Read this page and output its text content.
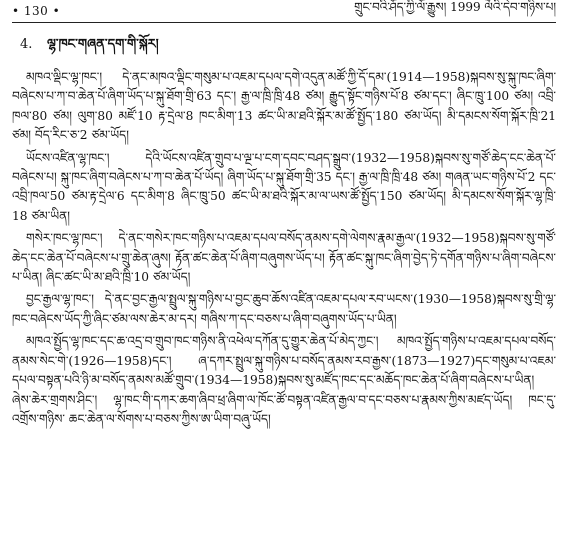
• 130 •	གྲུང་བའི་ཤོད་ཀྱི་ལོ་རྒྱུས། 1999 ལོའི་དེབ་གཉིས་པ།
4. ལྷ་ཁང་གཞན་དག་གི་སྐོར།

མཁའ་ལྡིང་ལྷ་ཁང་། དེ་ནང་མཁའ་ལྡིང་གསུམ་པ་འཇམ་དཔལ་དགེ་འདུན་མཚོ་ཀྱི་དོ་དམ་(1914—1958)སྐབས་སུ་སྐུ་ཁང་ཞིག་བཞེངས་པ་ཀ་བ་ཆེན་པོ་ཞིག་ཡོད་པ་སྐུ་ཐོག་གྲི་63 དང་། རྒྱ་ལ་ཁྲི་ཁྲི་48 ཙམ། རྒྱུད་སྟོང་གཉིས་པོ་8 ཙམ་དང་། ཞིང་ཁྲུ་100 ཙམ། འབྲི་ཁལ་80 ཙམ། ལུག་80 མཛོ་10 རྟ་དྲེལ་8 ཁང་མིག་13 ཚང་ཡི་མ་ཐའི་སྐོར་མ་ཚོ་སྤྱོད་180 ཙམ་ཡོད། མི་དམངས་སོག་སྐོར་ཁྲི་21 ཙམ། བོད་རིང་ཅ་2 ཙམ་ཡོད།

ཡོངས་འཛིན་ལྷ་ཁང་། དེའི་ཡོངས་འཛིན་གྲུབ་པ་ལྔ་པ་ངག་དབང་བཤད་སྒྲུབ་(1932—1958)སྐབས་སུ་གཙོ་ཆེད་ངང་ཆེན་པོ་བཞེངས་པ། སྐུ་ཁང་ཞིག་བཞེངས་པ་ཀ་བ་ཆེན་པོ་ཡོད། ཞིག་ཡོད་པ་སྐུ་ཐོག་གྲི་35 དང་། རྒྱ་ལ་ཁྲི་ཁྲི་48 ཙམ། གཞན་ཡང་གཉིས་པོ་2 དང་འབྲི་ཁལ་50 ཙམ་རྟ་དྲེལ་6 དང་མིག་8 ཞིང་ཁྲུ་50 ཚང་ཡི་མ་ཐའི་སྐོར་མ་ལ་ཡས་ཚོ་སྤྱོད་150 ཙམ་ཡོད། མི་དམངས་སོག་སྐོར་ལྷ་ཁྲི་18 ཙམ་ཡིན།

གསེར་ཁང་ལྷ་ཁང་། དེ་ནང་གསེར་ཁང་གཉིས་པ་འཇམ་དཔལ་བསོད་ནམས་དགེ་ལེགས་རྣམ་རྒྱལ་(1932—1958)སྐབས་སུ་གཙོ་ཆེད་ངང་ཆེན་པོ་བཞེངས་པ་གྲུ་ཆེན་ཞུས། རྟོན་ཚང་ཆེན་པོ་ཞིག་བཞུགས་ཡོད་པ། རྟོན་ཚང་སྐུ་ཁང་ཞིག་བྱེད་ཏེ་དགོན་གཉིས་པ་ཞིག་བཞེངས་པ་ཡིན། ཞིང་ཚང་ཡི་མ་ཐའི་ཁྲི་10 ཙམ་ཡོད།

བྱང་རྒྱལ་ལྷ་ཁང་། དེ་ནང་བྱང་རྒྱལ་སྤྲུལ་སྐུ་གཉིས་པ་བྱང་ཆུབ་ཆོས་འཛིན་འཇམ་དཔལ་རབ་ཡངས་(1930—1958)སྐབས་སུ་གྲི་ལྷ་ཁང་བཞེངས་ཡོད་ཀྱི་ཞིང་ཙམ་ལས་ཆེར་མ་དར། གཞིས་ཀ་དང་བཅས་པ་ཞིག་བཞུགས་ཡོད་པ་ཡིན།

མཁའ་སྤྱོད་ལྷ་ཁང་དང་ཆ་འདྲ་བ་གྲུབ་ཁང་གཉིས་ནི་འཕེལ་དཀོན་དུ་གྱུར་ཆེན་པོ་མེད་ཀྱང་། མཁའ་སྤྱོད་གཉིས་པ་འཇམ་དཔལ་བསོད་ནམས་སེང་གེ་(1926—1958)དང་། ཞ་དཀར་སྤྲུལ་སྐུ་གཉིས་པ་བསོད་ནམས་རབ་རྒྱས་(1873—1927)དང་གསུམ་པ་འཇམ་དཔལ་བསྟན་པའི་ཉི་མ་བསོད་ནམས་མཚོ་གྲུབ་(1934—1958)སྐབས་སུ་མཛོད་ཁང་དང་མཆོད་ཁང་ཆེན་པོ་ཞིག་བཞེངས་པ་ཡིན། ཞེས་ཆེར་གྲགས་ཤིང་། ལྷ་ཁང་གི་དཀར་ཆག་ཞིབ་ཕྲ་ཞིག་ལ་ཁོང་ཚོ་བསྟན་འཛིན་རྒྱལ་བ་དང་བཅས་པ་རྣམས་ཀྱིས་མཛད་ཡོད། ཁང་དུ་འགྲོས་གཉིས་ ཆང་ཆེན་ལ་སོགས་པ་བཅས་ཀྱིས་ཨ་ཡིག་བཞུ་ཡོད།
